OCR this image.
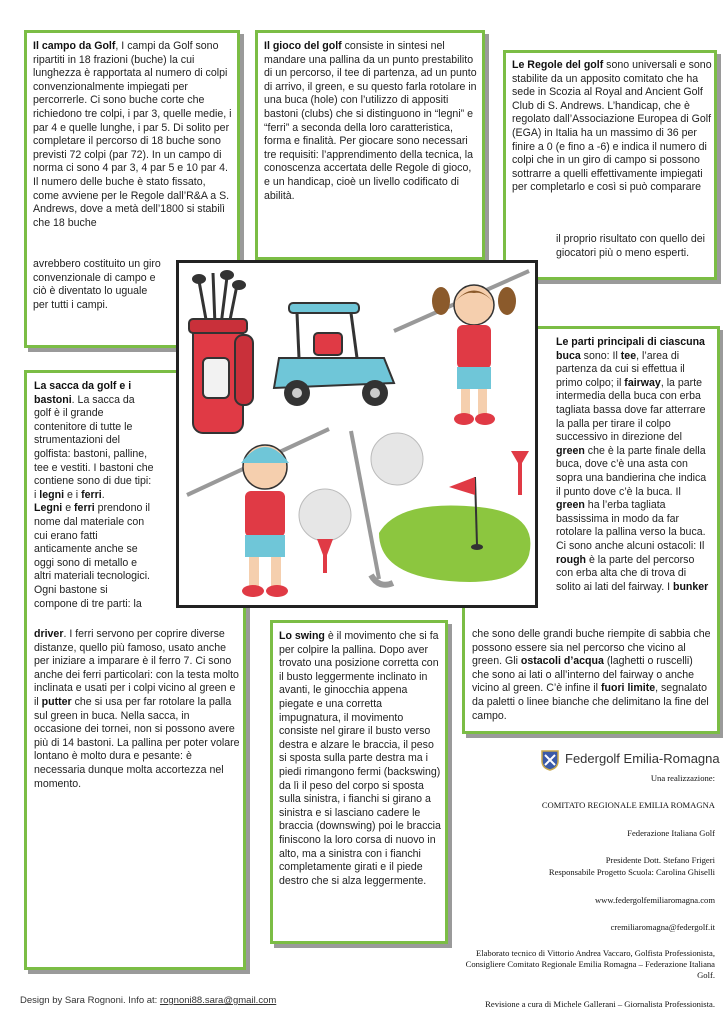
Il campo da Golf, I campi da Golf sono ripartiti in 18 frazioni (buche) la cui lunghezza è rapportata al numero di colpi convenzionalmente impiegati per percorrerle. Ci sono buche corte che richiedono tre colpi, i par 3, quelle medie, i par 4 e quelle lunghe, i par 5. Di solito per completare il percorso di 18 buche sono previsti 72 colpi (par 72). In un campo di norma ci sono 4 par 3, 4 par 5 e 10 par 4. Il numero delle buche è stato fissato, come avviene per le Regole dall’R&A a S. Andrews, dove a metà dell’1800 si stabilì che 18 buche
avrebbero costituito un giro convenzionale di campo e ciò è diventato lo uguale per tutti i campi.
Il gioco del golf consiste in sintesi nel mandare una pallina da un punto prestabilito di un percorso, il tee di partenza, ad un punto di arrivo, il green, e su questo farla rotolare in una buca (hole) con l’utilizzo di appositi bastoni (clubs) che si distinguono in “legni” e “ferri” a seconda della loro caratteristica, forma e finalità. Per giocare sono necessari tre requisiti: l’apprendimento della tecnica, la conoscenza accertata delle Regole di gioco, e un handicap, cioè un livello codificato di abilità.
Le Regole del golf sono universali e sono stabilite da un apposito comitato che ha sede in Scozia al Royal and Ancient Golf Club di S. Andrews. L’handicap, che è regolato dall’Associazione Europea di Golf (EGA) in Italia ha un massimo di 36 per finire a 0 (e fino a -6) e indica il numero di colpi che in un giro di campo si possono sottrarre a quelli effettivamente impiegati per completarlo e così si può comparare
il proprio risultato con quello dei giocatori più o meno esperti.
Le parti principali di ciascuna buca sono: Il tee, l’area di partenza da cui si effettua il primo colpo; il fairway, la parte intermedia della buca con erba tagliata bassa dove far atterrare la palla per tirare il colpo successivo in direzione del green che è la parte finale della buca, dove c’è una asta con sopra una bandierina che indica il punto dove c’è la buca. Il green ha l’erba tagliata bassissima in modo da far rotolare la pallina verso la buca. Ci sono anche alcuni ostacoli: Il rough è la parte del percorso con erba alta che di trova di solito ai lati del fairway. I bunker
che sono delle grandi buche riempite di sabbia che possono essere sia nel percorso che vicino al green. Gli ostacoli d’acqua (laghetti o ruscelli) che sono ai lati o all’interno del fairway o anche vicino al green. C’è infine il fuori limite, segnalato da paletti o linee bianche che delimitano la fine del campo.
La sacca da golf e i bastoni. La sacca da golf è il grande contenitore di tutte le strumentazioni del golfista: bastoni, palline, tee e vestiti. I bastoni che contiene sono di due tipi: i legni e i ferri.
Legni e ferri prendono il nome dal materiale con cui erano fatti anticamente anche se oggi sono di metallo e altri materiali tecnologici. Ogni bastone si compone di tre parti: la
driver. I ferri servono per coprire diverse distanze, quello più famoso, usato anche per iniziare a imparare è il ferro 7. Ci sono anche dei ferri particolari: con la testa molto inclinata e usati per i colpi vicino al green e il putter che si usa per far rotolare la palla sul green in buca. Nella sacca, in occasione dei tornei, non si possono avere più di 14 bastoni. La pallina per poter volare lontano è molto dura e pesante: è necessaria dunque molta accortezza nel momento.
Lo swing è il movimento che si fa per colpire la pallina. Dopo aver trovato una posizione corretta con il busto leggermente inclinato in avanti, le ginocchia appena piegate e una corretta impugnatura, il movimento consiste nel girare il busto verso destra e alzare le braccia, il peso si sposta sulla parte destra ma i piedi rimangono fermi (backswing) da lì il peso del corpo si sposta sulla sinistra, i fianchi si girano a sinistra e si lasciano cadere le braccia (downswing) poi le braccia finiscono la loro corsa di nuovo in alto, ma a sinistra con i fianchi completamente girati e il piede destro che si alza leggermente.
Federgolf Emilia-Romagna
Una realizzazione:
COMITATO REGIONALE EMILIA ROMAGNA
Federazione Italiana Golf
Presidente Dott. Stefano Frigeri
Responsabile Progetto Scuola: Carolina Ghiselli
www.federgolfemiliaromagna.com
cremiliaromagna@federgolf.it
Elaborato tecnico di Vittorio Andrea Vaccaro, Golfista Professionista, Consigliere Comitato Regionale Emilia Romagna – Federazione Italiana Golf.
Revisione a cura di Michele Gallerani – Giornalista Professionista.
Design by Sara Rognoni. Info at: rognoni88.sara@gmail.com
